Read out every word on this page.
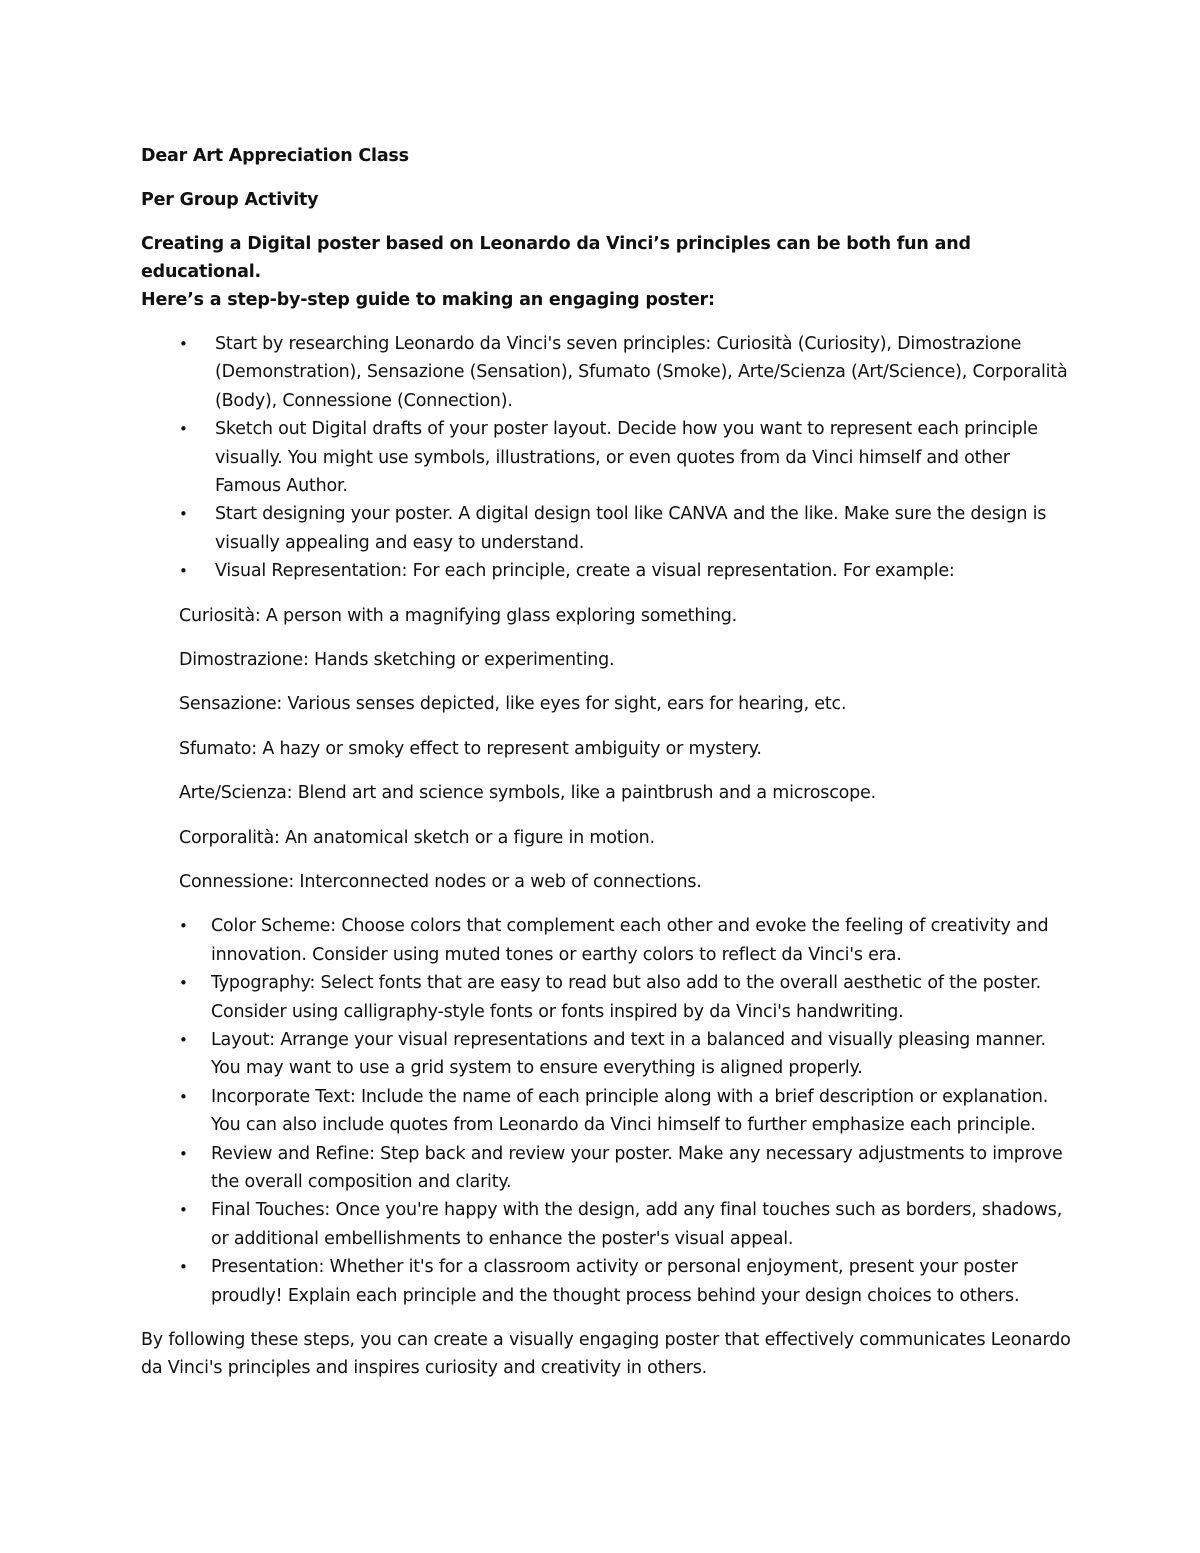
Dear Art Appreciation Class

Per Group Activity

Creating a Digital poster based on Leonardo da Vinci’s principles can be both fun and educational.
Here’s a step-by-step guide to making an engaging poster:

• Start by researching Leonardo da Vinci's seven principles: Curiosità (Curiosity), Dimostrazione (Demonstration), Sensazione (Sensation), Sfumato (Smoke), Arte/Scienza (Art/Science), Corporalità (Body), Connessione (Connection).
• Sketch out Digital drafts of your poster layout. Decide how you want to represent each principle visually. You might use symbols, illustrations, or even quotes from da Vinci himself and other Famous Author.
• Start designing your poster. A digital design tool like CANVA and the like. Make sure the design is visually appealing and easy to understand.
• Visual Representation: For each principle, create a visual representation. For example:

Curiosità: A person with a magnifying glass exploring something.

Dimostrazione: Hands sketching or experimenting.

Sensazione: Various senses depicted, like eyes for sight, ears for hearing, etc.

Sfumato: A hazy or smoky effect to represent ambiguity or mystery.

Arte/Scienza: Blend art and science symbols, like a paintbrush and a microscope.

Corporalità: An anatomical sketch or a figure in motion.

Connessione: Interconnected nodes or a web of connections.

• Color Scheme: Choose colors that complement each other and evoke the feeling of creativity and innovation. Consider using muted tones or earthy colors to reflect da Vinci's era.
• Typography: Select fonts that are easy to read but also add to the overall aesthetic of the poster. Consider using calligraphy-style fonts or fonts inspired by da Vinci's handwriting.
• Layout: Arrange your visual representations and text in a balanced and visually pleasing manner. You may want to use a grid system to ensure everything is aligned properly.
• Incorporate Text: Include the name of each principle along with a brief description or explanation. You can also include quotes from Leonardo da Vinci himself to further emphasize each principle.
• Review and Refine: Step back and review your poster. Make any necessary adjustments to improve the overall composition and clarity.
• Final Touches: Once you're happy with the design, add any final touches such as borders, shadows, or additional embellishments to enhance the poster's visual appeal.
• Presentation: Whether it's for a classroom activity or personal enjoyment, present your poster proudly! Explain each principle and the thought process behind your design choices to others.

By following these steps, you can create a visually engaging poster that effectively communicates Leonardo da Vinci's principles and inspires curiosity and creativity in others.
